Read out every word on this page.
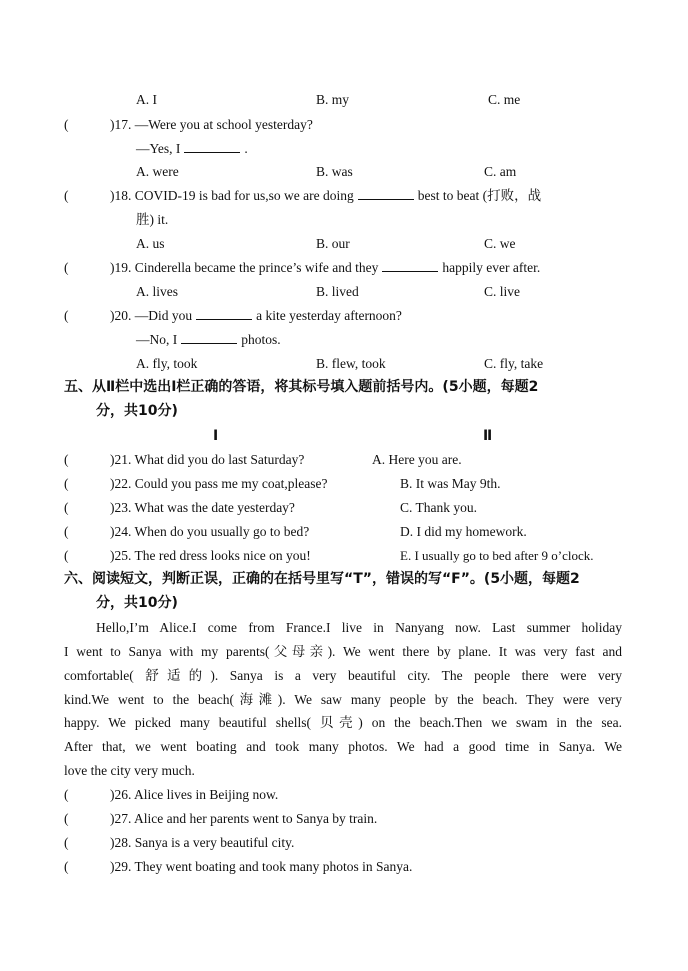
A. I	B. my	C. me
(	)17. —Were you at school yesterday?
—Yes, I	.
A. were	B. was	C. am
(	)18. COVID-19 is bad for us,so we are doing	best to beat (打败，战
胜) it.
A. us	B. our	C. we
(	)19. Cinderella became the prince’s wife and they	happily ever after.
A. lives	B. lived	C. live
(	)20. —Did you	a kite yesterday afternoon?
—No, I	photos.
A. fly, took	B. flew, took	C. fly, take
五、从Ⅱ栏中选出Ⅰ栏正确的答语，将其标号填入题前括号内。(5小题，每题2
分，共10分)
Ⅰ	Ⅱ
(	)21. What did you do last Saturday?	A. Here you are.
(	)22. Could you pass me my coat,please?	B. It was May 9th.
(	)23. What was the date yesterday?	C. Thank you.
(	)24. When do you usually go to bed?	D. I did my homework.
(	)25. The red dress looks nice on you!	E. I usually go to bed after 9 o’clock.
六、阅读短文，判断正误，正确的在括号里写“T”，错误的写“F”。(5小题，每题2
分，共10分)
Hello,I’m Alice.I come from France.I live in Nanyang now. Last summer holiday
I went to Sanya with my parents(父母亲). We went there by plane. It was very fast and
comfortable( 舒适的). Sanya is a very beautiful city. The people there were very
kind.We went to the beach(海滩). We saw many people by the beach. They were very
happy. We picked many beautiful shells( 贝壳) on the beach.Then we swam in the sea.
After that, we went boating and took many photos. We had a good time in Sanya. We
love the city very much.
(	)26. Alice lives in Beijing now.
(	)27. Alice and her parents went to Sanya by train.
(	)28. Sanya is a very beautiful city.
(	)29. They went boating and took many photos in Sanya.
